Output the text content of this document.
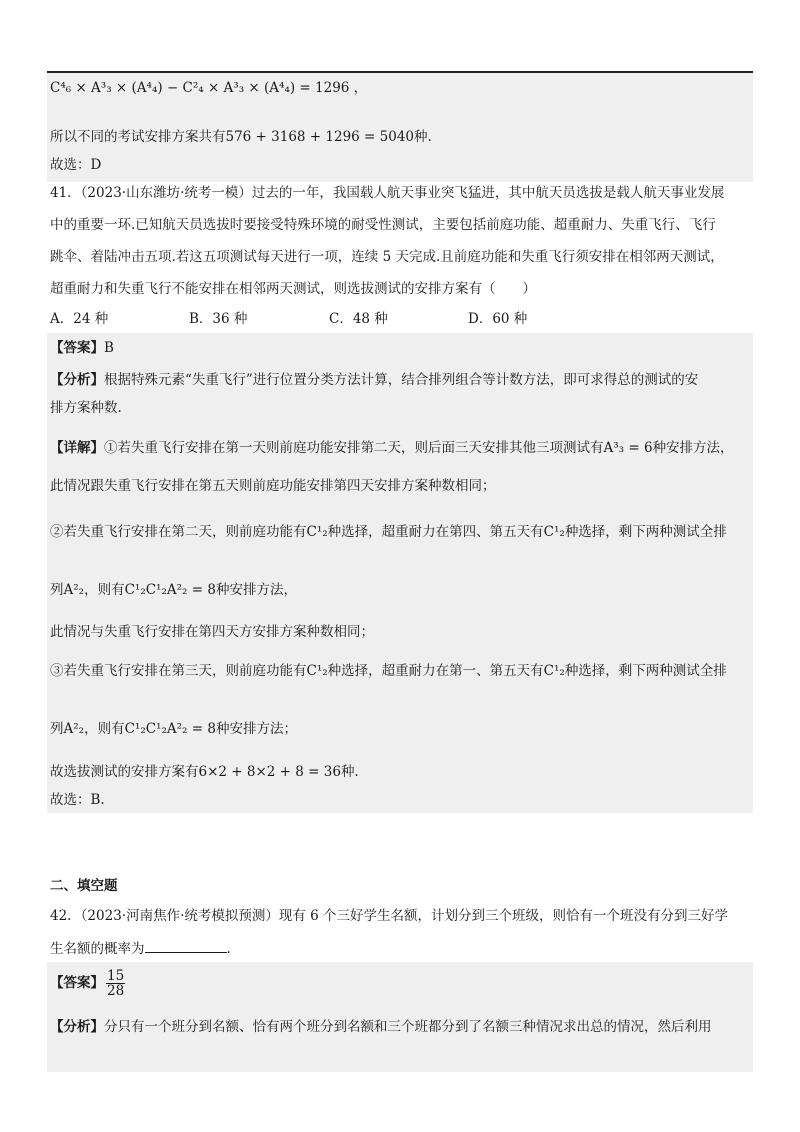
C⁴₆ × A³₃ × (A⁴₄) − C²₄ × A³₃ × (A⁴₄) = 1296 ，
所以不同的考试安排方案共有576 + 3168 + 1296 = 5040种.
故选：D
41．（2023·山东潍坊·统考一模）过去的一年，我国载人航天事业突飞猛进，其中航天员选拔是载人航天事业发展
中的重要一环.已知航天员选拔时要接受特殊环境的耐受性测试，主要包括前庭功能、超重耐力、失重飞行、飞行
跳伞、着陆冲击五项.若这五项测试每天进行一项，连续 5 天完成.且前庭功能和失重飞行须安排在相邻两天测试，
超重耐力和失重飞行不能安排在相邻两天测试，则选拔测试的安排方案有（　　）
A．24 种	B．36 种	C．48 种	D．60 种
【答案】B
【分析】根据特殊元素“失重飞行”进行位置分类方法计算，结合排列组合等计数方法，即可求得总的测试的安
排方案种数.
【详解】①若失重飞行安排在第一天则前庭功能安排第二天，则后面三天安排其他三项测试有A³₃ = 6种安排方法，
此情况跟失重飞行安排在第五天则前庭功能安排第四天安排方案种数相同；
②若失重飞行安排在第二天，则前庭功能有C¹₂种选择，超重耐力在第四、第五天有C¹₂种选择，剩下两种测试全排
列A²₂，则有C¹₂C¹₂A²₂ = 8种安排方法，
此情况与失重飞行安排在第四天方安排方案种数相同；
③若失重飞行安排在第三天，则前庭功能有C¹₂种选择，超重耐力在第一、第五天有C¹₂种选择，剩下两种测试全排
列A²₂，则有C¹₂C¹₂A²₂ = 8种安排方法；
故选拔测试的安排方案有6×2 + 8×2 + 8 = 36种.
故选：B.
二、填空题
42．（2023·河南焦作·统考模拟预测）现有 6 个三好学生名额，计划分到三个班级，则恰有一个班没有分到三好学
生名额的概率为	.
【答案】 $\frac{15}{28}$
【分析】分只有一个班分到名额、恰有两个班分到名额和三个班都分到了名额三种情况求出总的情况，然后利用
